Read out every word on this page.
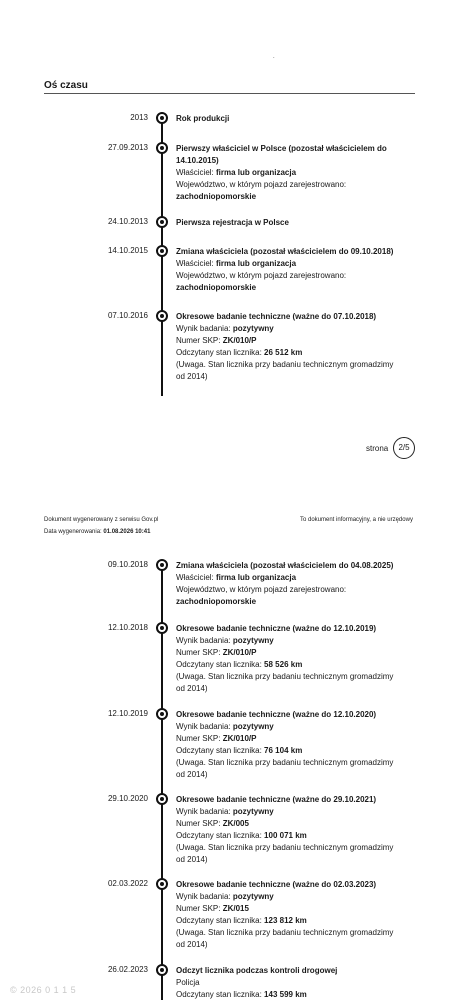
.
Oś czasu
2013	Rok produkcji
27.09.2013	Pierwszy właściciel w Polsce (pozostał właścicielem do 14.10.2015)
Właściciel: firma lub organizacja
Województwo, w którym pojazd zarejestrowano:
zachodniopomorskie
24.10.2013	Pierwsza rejestracja w Polsce
14.10.2015	Zmiana właściciela (pozostał właścicielem do 09.10.2018)
Właściciel: firma lub organizacja
Województwo, w którym pojazd zarejestrowano:
zachodniopomorskie
07.10.2016	Okresowe badanie techniczne (ważne do 07.10.2018)
Wynik badania: pozytywny
Numer SKP: ZK/010/P
Odczytany stan licznika: 26 512 km
(Uwaga. Stan licznika przy badaniu technicznym gromadzimy od 2014)
strona	2/5
Dokument wygenerowany z serwisu Gov.pl
Data wygenerowania: 01.08.2026 10:41
To dokument informacyjny, a nie urzędowy
09.10.2018	Zmiana właściciela (pozostał właścicielem do 04.08.2025)
Właściciel: firma lub organizacja
Województwo, w którym pojazd zarejestrowano:
zachodniopomorskie
12.10.2018	Okresowe badanie techniczne (ważne do 12.10.2019)
Wynik badania: pozytywny
Numer SKP: ZK/010/P
Odczytany stan licznika: 58 526 km
(Uwaga. Stan licznika przy badaniu technicznym gromadzimy od 2014)
12.10.2019	Okresowe badanie techniczne (ważne do 12.10.2020)
Wynik badania: pozytywny
Numer SKP: ZK/010/P
Odczytany stan licznika: 76 104 km
(Uwaga. Stan licznika przy badaniu technicznym gromadzimy od 2014)
29.10.2020	Okresowe badanie techniczne (ważne do 29.10.2021)
Wynik badania: pozytywny
Numer SKP: ZK/005
Odczytany stan licznika: 100 071 km
(Uwaga. Stan licznika przy badaniu technicznym gromadzimy od 2014)
02.03.2022	Okresowe badanie techniczne (ważne do 02.03.2023)
Wynik badania: pozytywny
Numer SKP: ZK/015
Odczytany stan licznika: 123 812 km
(Uwaga. Stan licznika przy badaniu technicznym gromadzimy od 2014)
26.02.2023	Odczyt licznika podczas kontroli drogowej
Policja
Odczytany stan licznika: 143 599 km
© 2026 0 1 1 5
